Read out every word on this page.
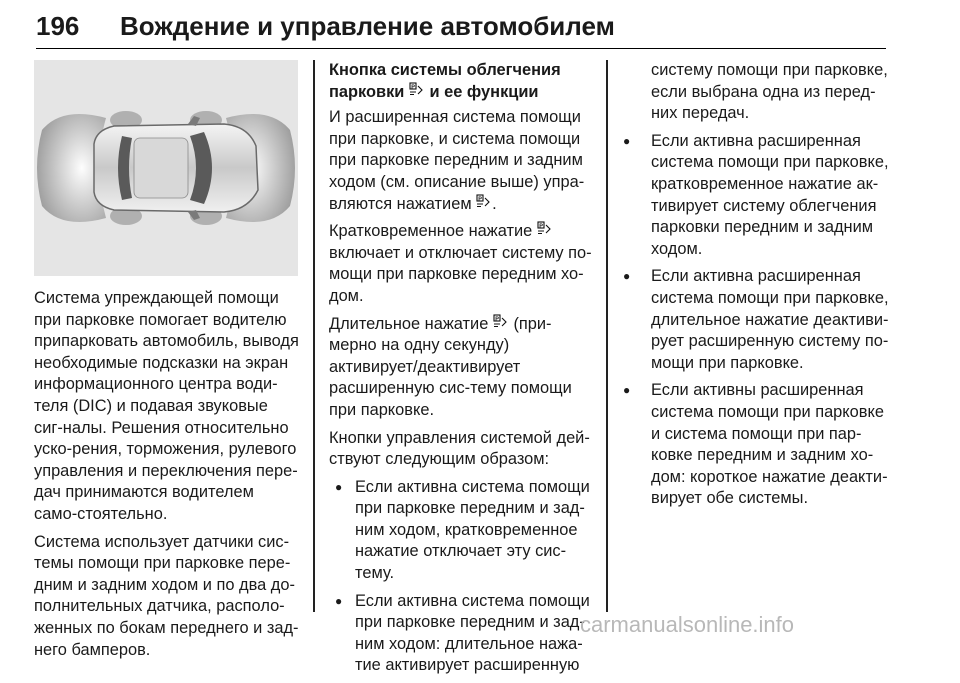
196 Вождение и управление автомобилем

Система упреждающей помощи при парковке помогает водителю припарковать автомобиль, выводя необходимые подсказки на экран информационного центра води-теля (DIC) и подавая звуковые сиг-налы. Решения относительно уско-рения, торможения, рулевого управления и переключения пере-дач принимаются водителем само-стоятельно.

Система использует датчики сис-темы помощи при парковке пере-дним и задним ходом и по два до-полнительных датчика, располо-женных по бокам переднего и зад-него бамперов.

Кнопка системы облегчения парковки P и ее функции

И расширенная система помощи при парковке, и система помощи при парковке передним и задним ходом (см. описание выше) упра-вляются нажатием P .

Кратковременное нажатие P
включает и отключает систему по-мощи при парковке передним хо-дом.

Длительное нажатие P (при-мерно на одну секунду) активирует/деактивирует расширенную сис-тему помощи при парковке.

Кнопки управления системой дей-ствуют следующим образом:

● Если активна система помощи при парковке передним и зад-ним ходом, кратковременное нажатие отключает эту сис-тему.
● Если активна система помощи при парковке передним и зад-ним ходом: длительное нажа-тие активирует расширенную

систему помощи при парковке, если выбрана одна из перед-них передач.

● Если активна расширенная система помощи при парковке, кратковременное нажатие ак-тивирует систему облегчения парковки передним и задним ходом.
● Если активна расширенная система помощи при парковке, длительное нажатие деактиви-рует расширенную систему по-мощи при парковке.
● Если активны расширенная система помощи при парковке и система помощи при пар-ковке передним и задним хо-дом: короткое нажатие деакти-вирует обе системы.
carmanualsonline.info
